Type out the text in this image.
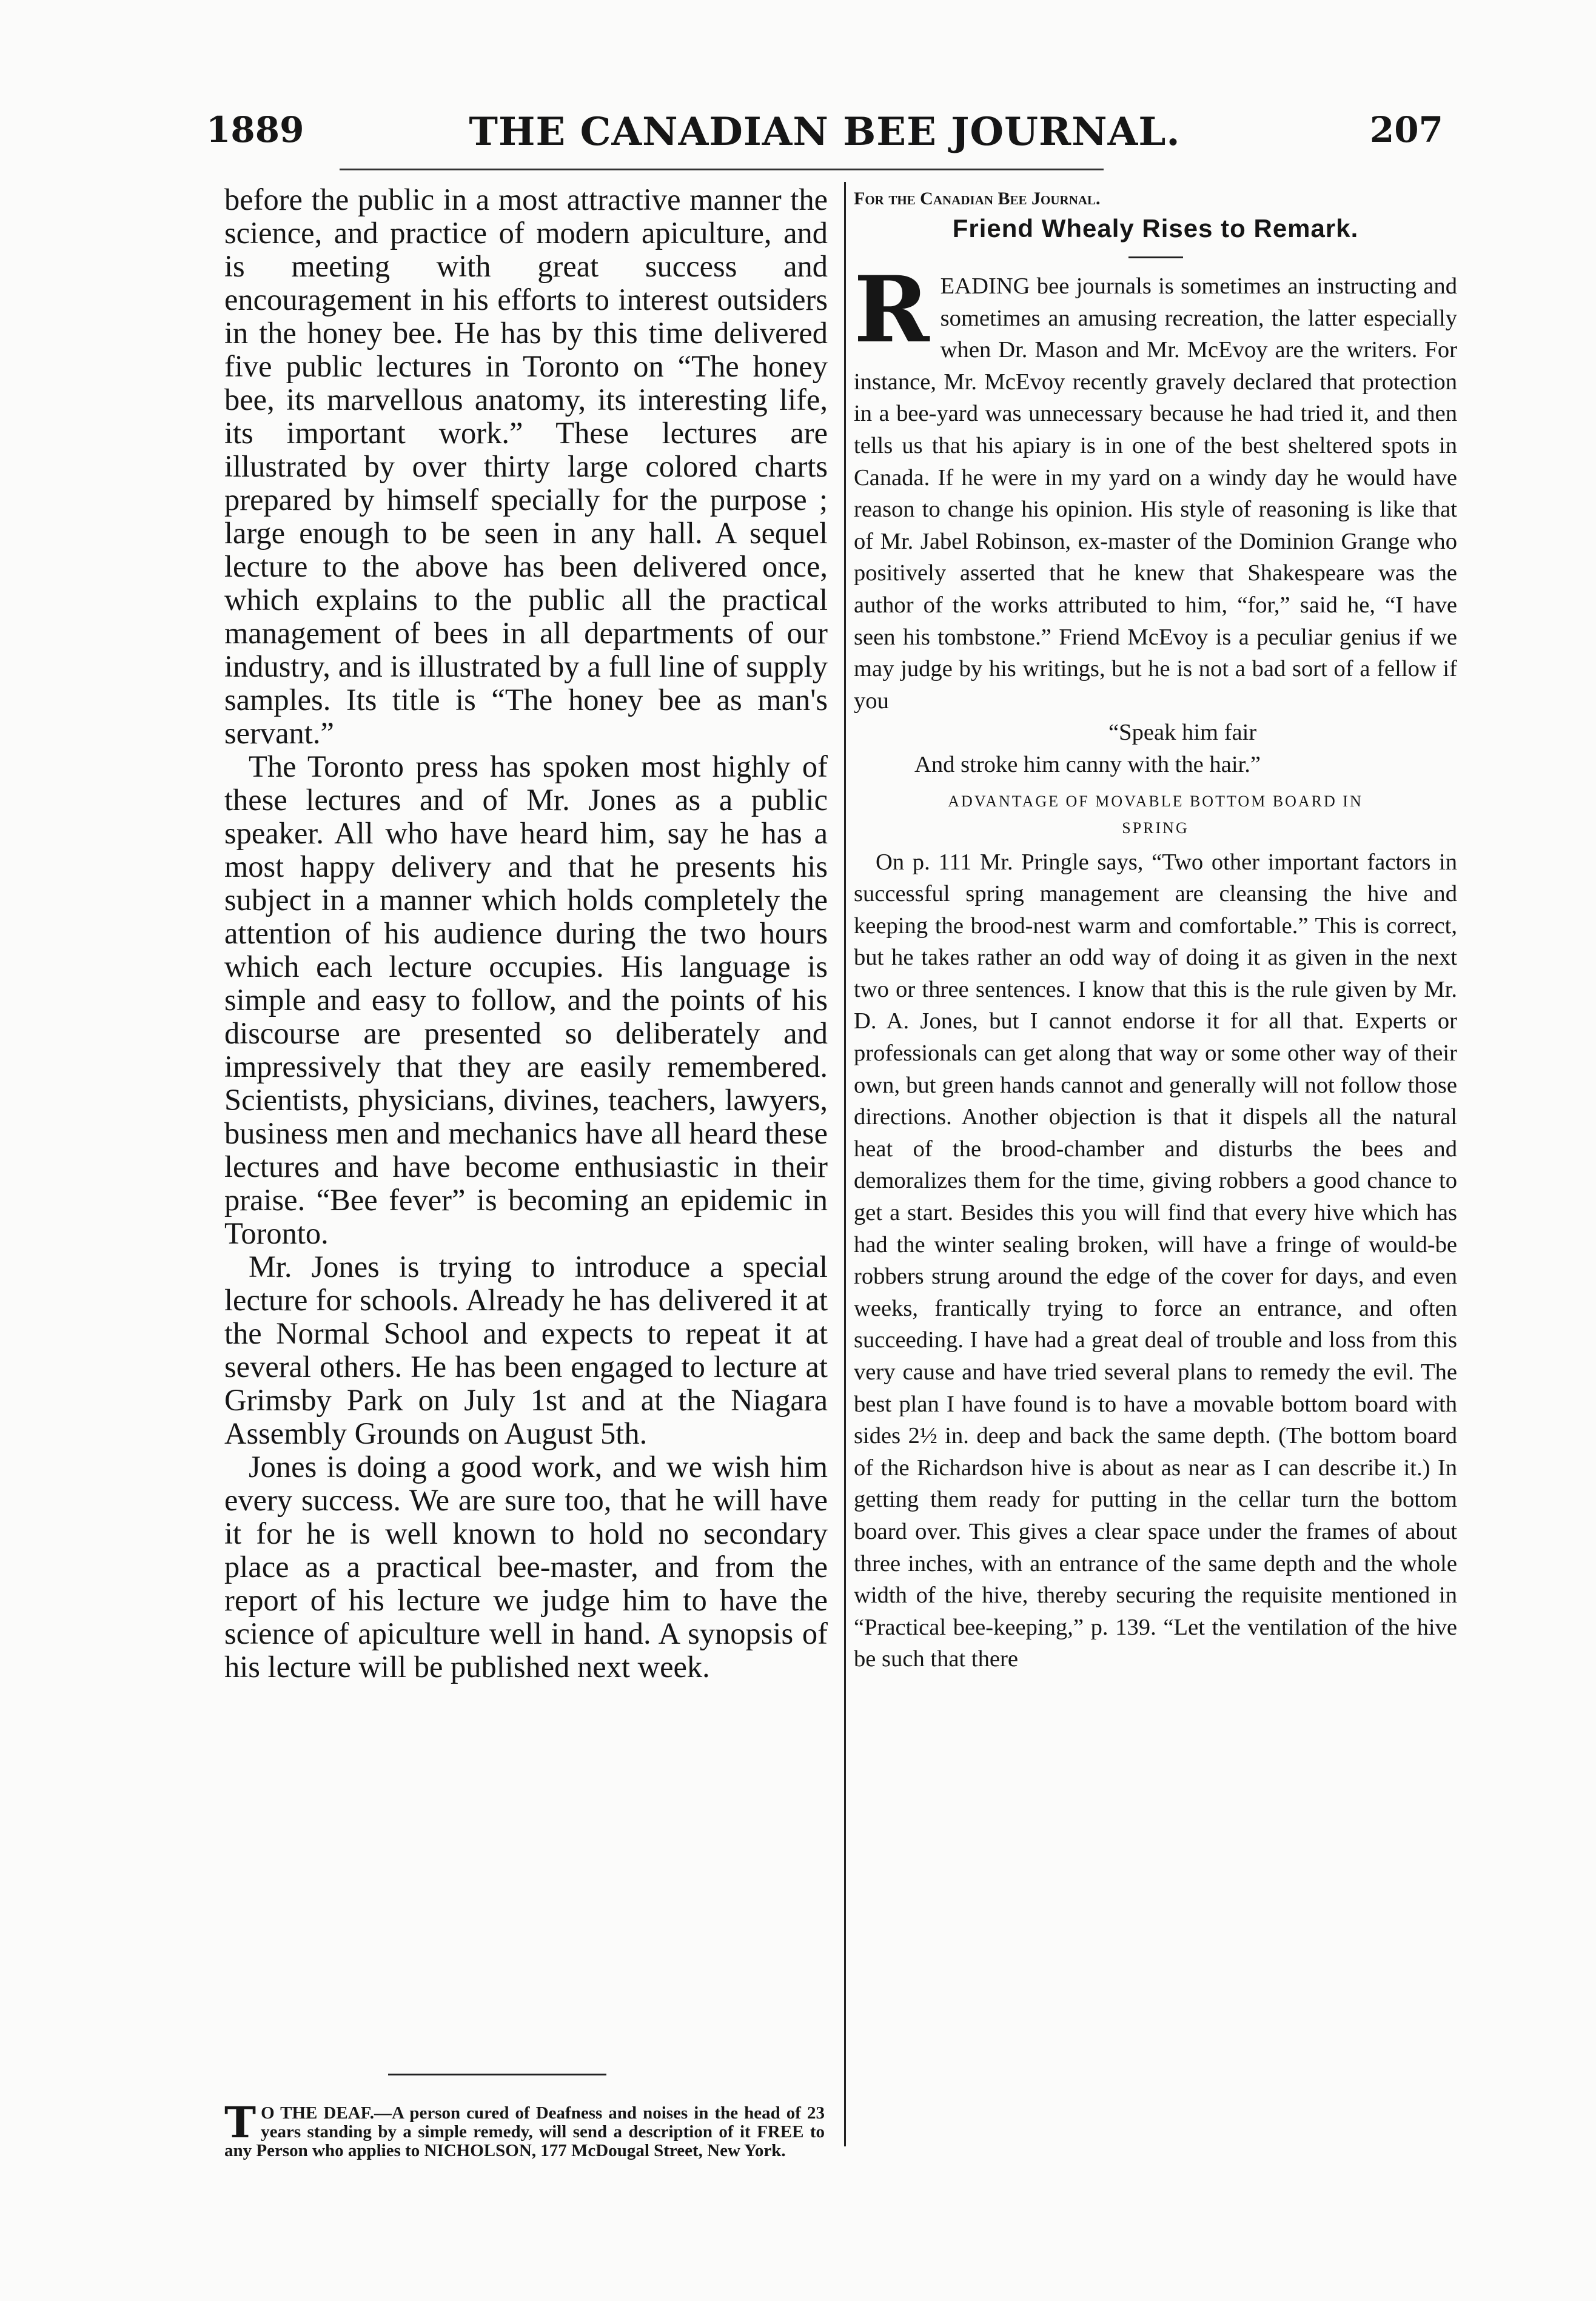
1889	THE CANADIAN BEE JOURNAL.	207

before the public in a most attractive manner the science, and practice of modern apiculture, and is meeting with great success and encouragement in his efforts to interest outsiders in the honey bee. He has by this time delivered five public lectures in Toronto on “The honey bee, its marvellous anatomy, its interesting life, its important work.” These lectures are illustrated by over thirty large colored charts prepared by himself specially for the purpose ; large enough to be seen in any hall. A sequel lecture to the above has been delivered once, which explains to the public all the practical management of bees in all departments of our industry, and is illustrated by a full line of supply samples. Its title is “The honey bee as man's servant.”

The Toronto press has spoken most highly of these lectures and of Mr. Jones as a public speaker. All who have heard him, say he has a most happy delivery and that he presents his subject in a manner which holds completely the attention of his audience during the two hours which each lecture occupies. His language is simple and easy to follow, and the points of his discourse are presented so deliberately and impressively that they are easily remembered. Scientists, physicians, divines, teachers, lawyers, business men and mechanics have all heard these lectures and have become enthusiastic in their praise. “Bee fever” is becoming an epidemic in Toronto.

Mr. Jones is trying to introduce a special lecture for schools. Already he has delivered it at the Normal School and expects to repeat it at several others. He has been engaged to lecture at Grimsby Park on July 1st and at the Niagara Assembly Grounds on August 5th.

Jones is doing a good work, and we wish him every success. We are sure too, that he will have it for he is well known to hold no secondary place as a practical bee-master, and from the report of his lecture we judge him to have the science of apiculture well in hand. A synopsis of his lecture will be published next week.

T O THE DEAF.—A person cured of Deafness and noises in the head of 23 years standing by a simple remedy, will send a description of it FREE to any Person who applies to NICHOLSON, 177 McDougal Street, New York.
For the Canadian Bee Journal.
Friend Whealy Rises to Remark.

R EADING bee journals is sometimes an instructing and sometimes an amusing recreation, the latter especially when Dr. Mason and Mr. McEvoy are the writers. For instance, Mr. McEvoy recently gravely declared that protection in a bee-yard was unnecessary because he had tried it, and then tells us that his apiary is in one of the best sheltered spots in Canada. If he were in my yard on a windy day he would have reason to change his opinion. His style of reasoning is like that of Mr. Jabel Robinson, ex-master of the Dominion Grange who positively asserted that he knew that Shakespeare was the author of the works attributed to him, “for,” said he, “I have seen his tombstone.” Friend McEvoy is a peculiar genius if we may judge by his writings, but he is not a bad sort of a fellow if you

“Speak him fair
And stroke him canny with the hair.”
ADVANTAGE OF MOVABLE BOTTOM BOARD IN
SPRING

On p. 111 Mr. Pringle says, “Two other important factors in successful spring management are cleansing the hive and keeping the brood-nest warm and comfortable.” This is correct, but he takes rather an odd way of doing it as given in the next two or three sentences. I know that this is the rule given by Mr. D. A. Jones, but I cannot endorse it for all that. Experts or professionals can get along that way or some other way of their own, but green hands cannot and generally will not follow those directions. Another objection is that it dispels all the natural heat of the brood-chamber and disturbs the bees and demoralizes them for the time, giving robbers a good chance to get a start. Besides this you will find that every hive which has had the winter sealing broken, will have a fringe of would-be robbers strung around the edge of the cover for days, and even weeks, frantically trying to force an entrance, and often succeeding. I have had a great deal of trouble and loss from this very cause and have tried several plans to remedy the evil. The best plan I have found is to have a movable bottom board with sides 2½ in. deep and back the same depth. (The bottom board of the Richardson hive is about as near as I can describe it.) In getting them ready for putting in the cellar turn the bottom board over. This gives a clear space under the frames of about three inches, with an entrance of the same depth and the whole width of the hive, thereby securing the requisite mentioned in “Practical bee-keeping,” p. 139. “Let the ventilation of the hive be such that there
